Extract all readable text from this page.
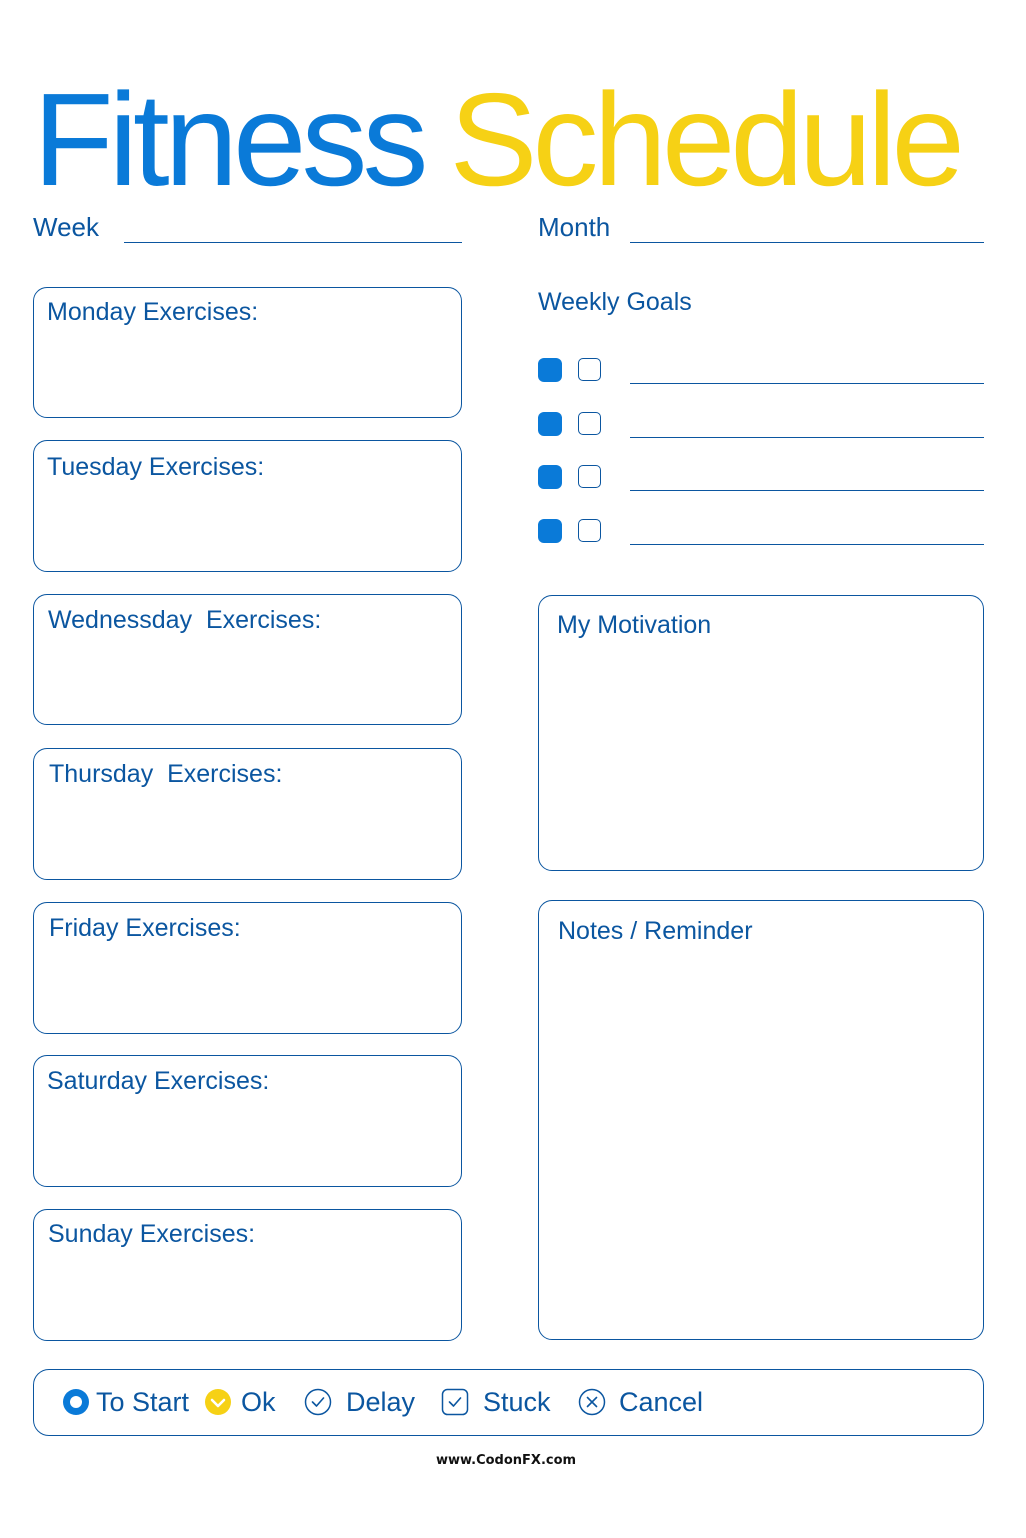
Fitness Schedule
Week	Month
Monday Exercises:
Tuesday Exercises:
Wednessday  Exercises:
Thursday  Exercises:
Friday Exercises:
Saturday Exercises:
Sunday Exercises:
Weekly Goals
My Motivation
Notes / Reminder
To Start Ok	Delay	Stuck	Cancel
www.CodonFX.com
